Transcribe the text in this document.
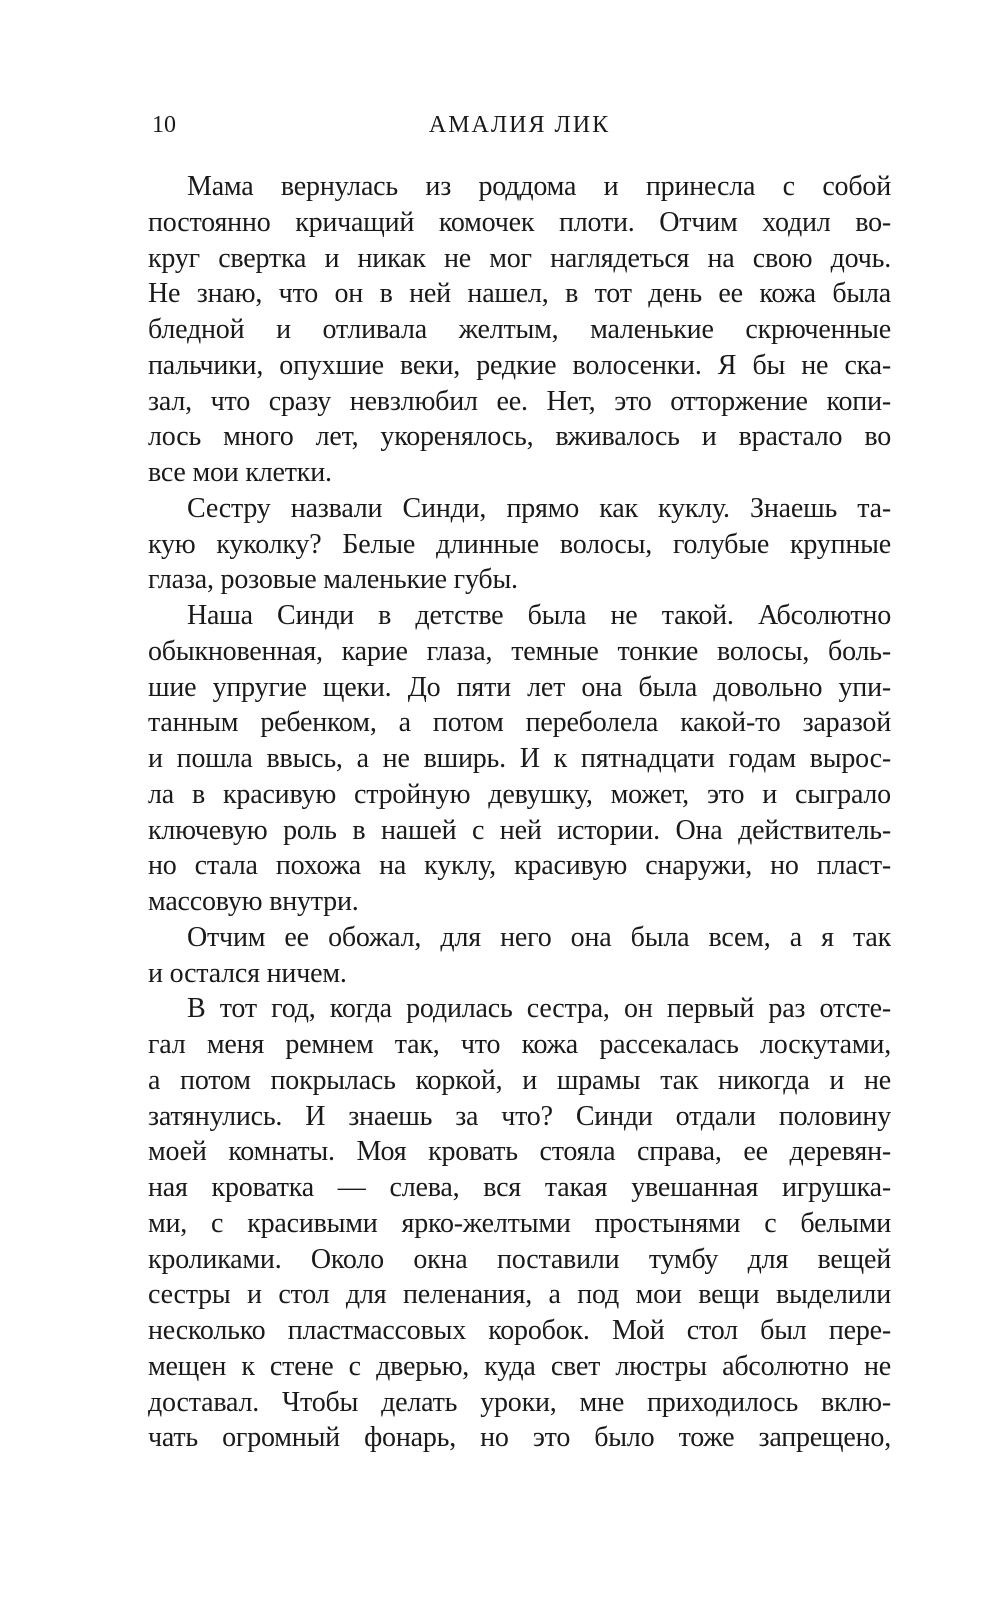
10	АМАЛИЯ ЛИК
Мама вернулась из роддома и принесла с собой
постоянно кричащий комочек плоти. Отчим ходил во-
круг свертка и никак не мог наглядеться на свою дочь.
Не знаю, что он в ней нашел, в тот день ее кожа была
бледной и отливала желтым, маленькие скрюченные
пальчики, опухшие веки, редкие волосенки. Я бы не ска-
зал, что сразу невзлюбил ее. Нет, это отторжение копи-
лось много лет, укоренялось, вживалось и врастало во
все мои клетки.
Сестру назвали Синди, прямо как куклу. Знаешь та-
кую куколку? Белые длинные волосы, голубые крупные
глаза, розовые маленькие губы.
Наша Синди в детстве была не такой. Абсолютно
обыкновенная, карие глаза, темные тонкие волосы, боль-
шие упругие щеки. До пяти лет она была довольно упи-
танным ребенком, а потом переболела какой-то заразой
и пошла ввысь, а не вширь. И к пятнадцати годам вырос-
ла в красивую стройную девушку, может, это и сыграло
ключевую роль в нашей с ней истории. Она действитель-
но стала похожа на куклу, красивую снаружи, но пласт-
массовую внутри.
Отчим ее обожал, для него она была всем, а я так
и остался ничем.
В тот год, когда родилась сестра, он первый раз отсте-
гал меня ремнем так, что кожа рассекалась лоскутами,
а потом покрылась коркой, и шрамы так никогда и не
затянулись. И знаешь за что? Синди отдали половину
моей комнаты. Моя кровать стояла справа, ее деревян-
ная кроватка — слева, вся такая увешанная игрушка-
ми, с красивыми ярко-желтыми простынями с белыми
кроликами. Около окна поставили тумбу для вещей
сестры и стол для пеленания, а под мои вещи выделили
несколько пластмассовых коробок. Мой стол был пере-
мещен к стене с дверью, куда свет люстры абсолютно не
доставал. Чтобы делать уроки, мне приходилось вклю-
чать огромный фонарь, но это было тоже запрещено,
